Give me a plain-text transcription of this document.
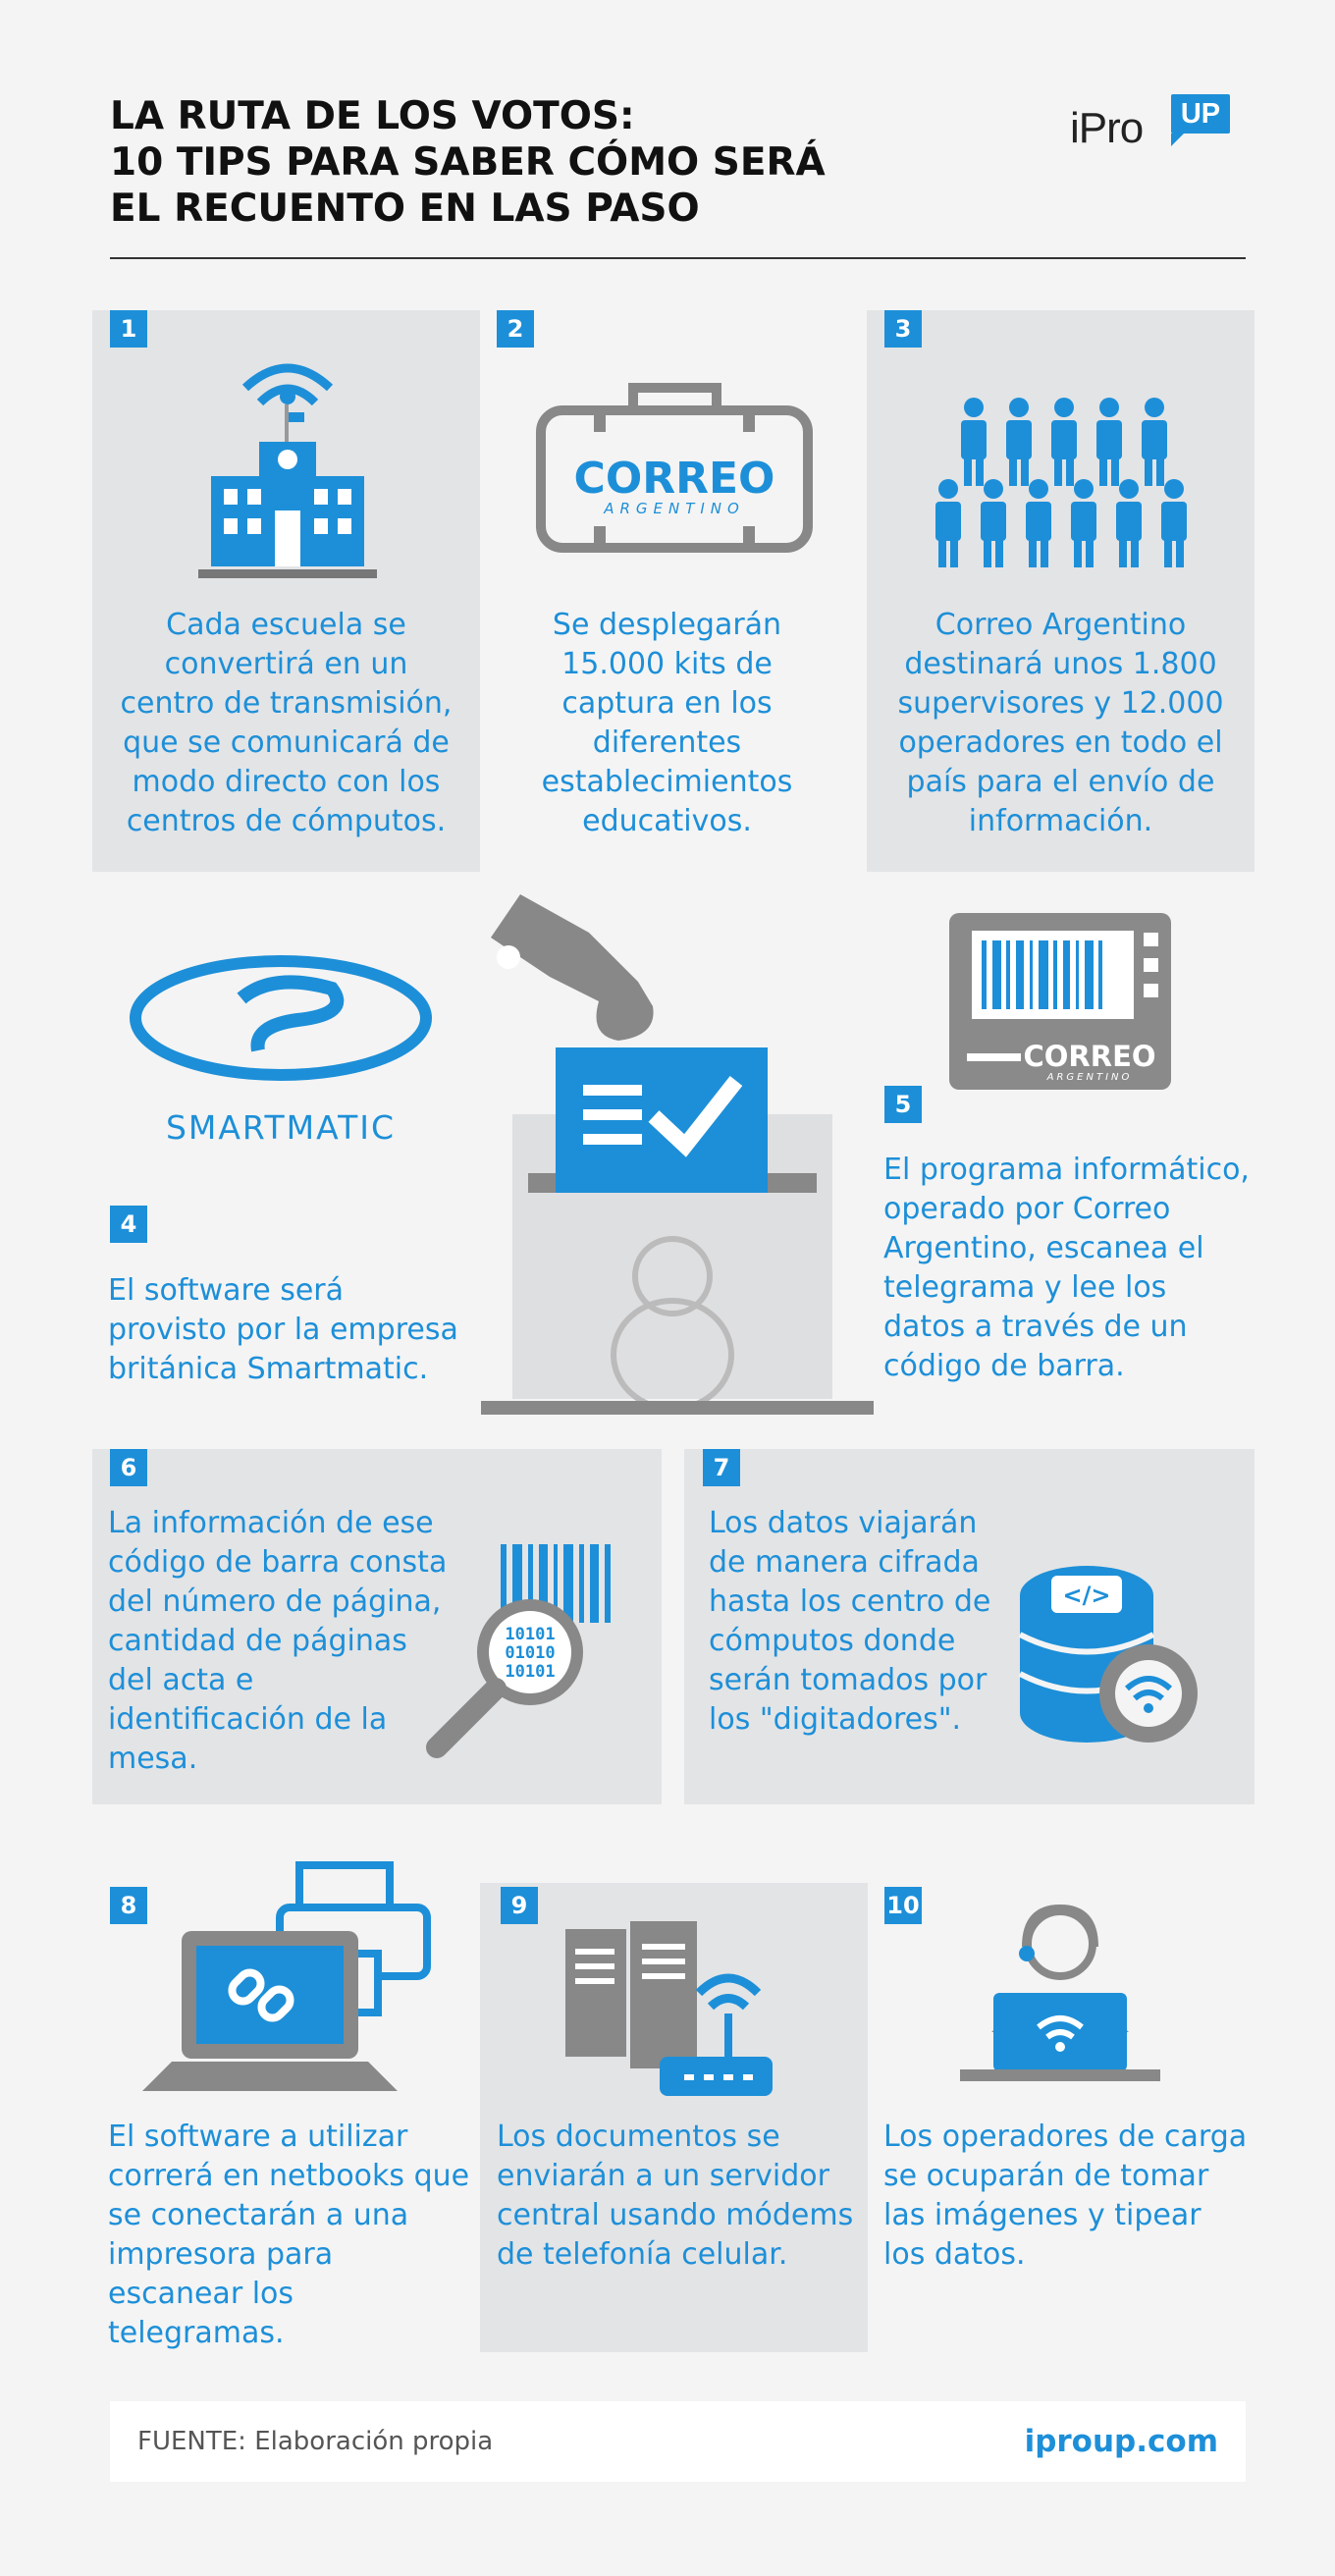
LA RUTA DE LOS VOTOS:
10 TIPS PARA SABER CÓMO SERÁ
EL RECUENTO EN LAS PASO
iPro	UP
1
Cada escuela se convertirá en un centro de transmisión, que se comunicará de modo directo con los centros de cómputos.
2
CORREO
ARGENTINO
Se desplegarán 15.000 kits de captura en los diferentes establecimientos educativos.
3
Correo Argentino destinará unos 1.800 supervisores y 12.000 operadores en todo el país para el envío de información.
SMARTMATIC
4
El software será provisto por la empresa británica Smartmatic.
CORREO
ARGENTINO
5
El programa informático, operado por Correo Argentino, escanea el telegrama y lee los datos a través de un código de barra.
6
La información de ese código de barra consta del número de página, cantidad de páginas del acta e identificación de la mesa.
10101
01010
10101
7
Los datos viajarán de manera cifrada hasta los centro de cómputos donde serán tomados por los "digitadores".
</>
8
El software a utilizar correrá en netbooks que se conectarán a una impresora para escanear los telegramas.
9
Los documentos se enviarán a un servidor central usando módems de telefonía celular.
10
Los operadores de carga se ocuparán de tomar las imágenes y tipear los datos.
FUENTE: Elaboración propia	iproup.com
